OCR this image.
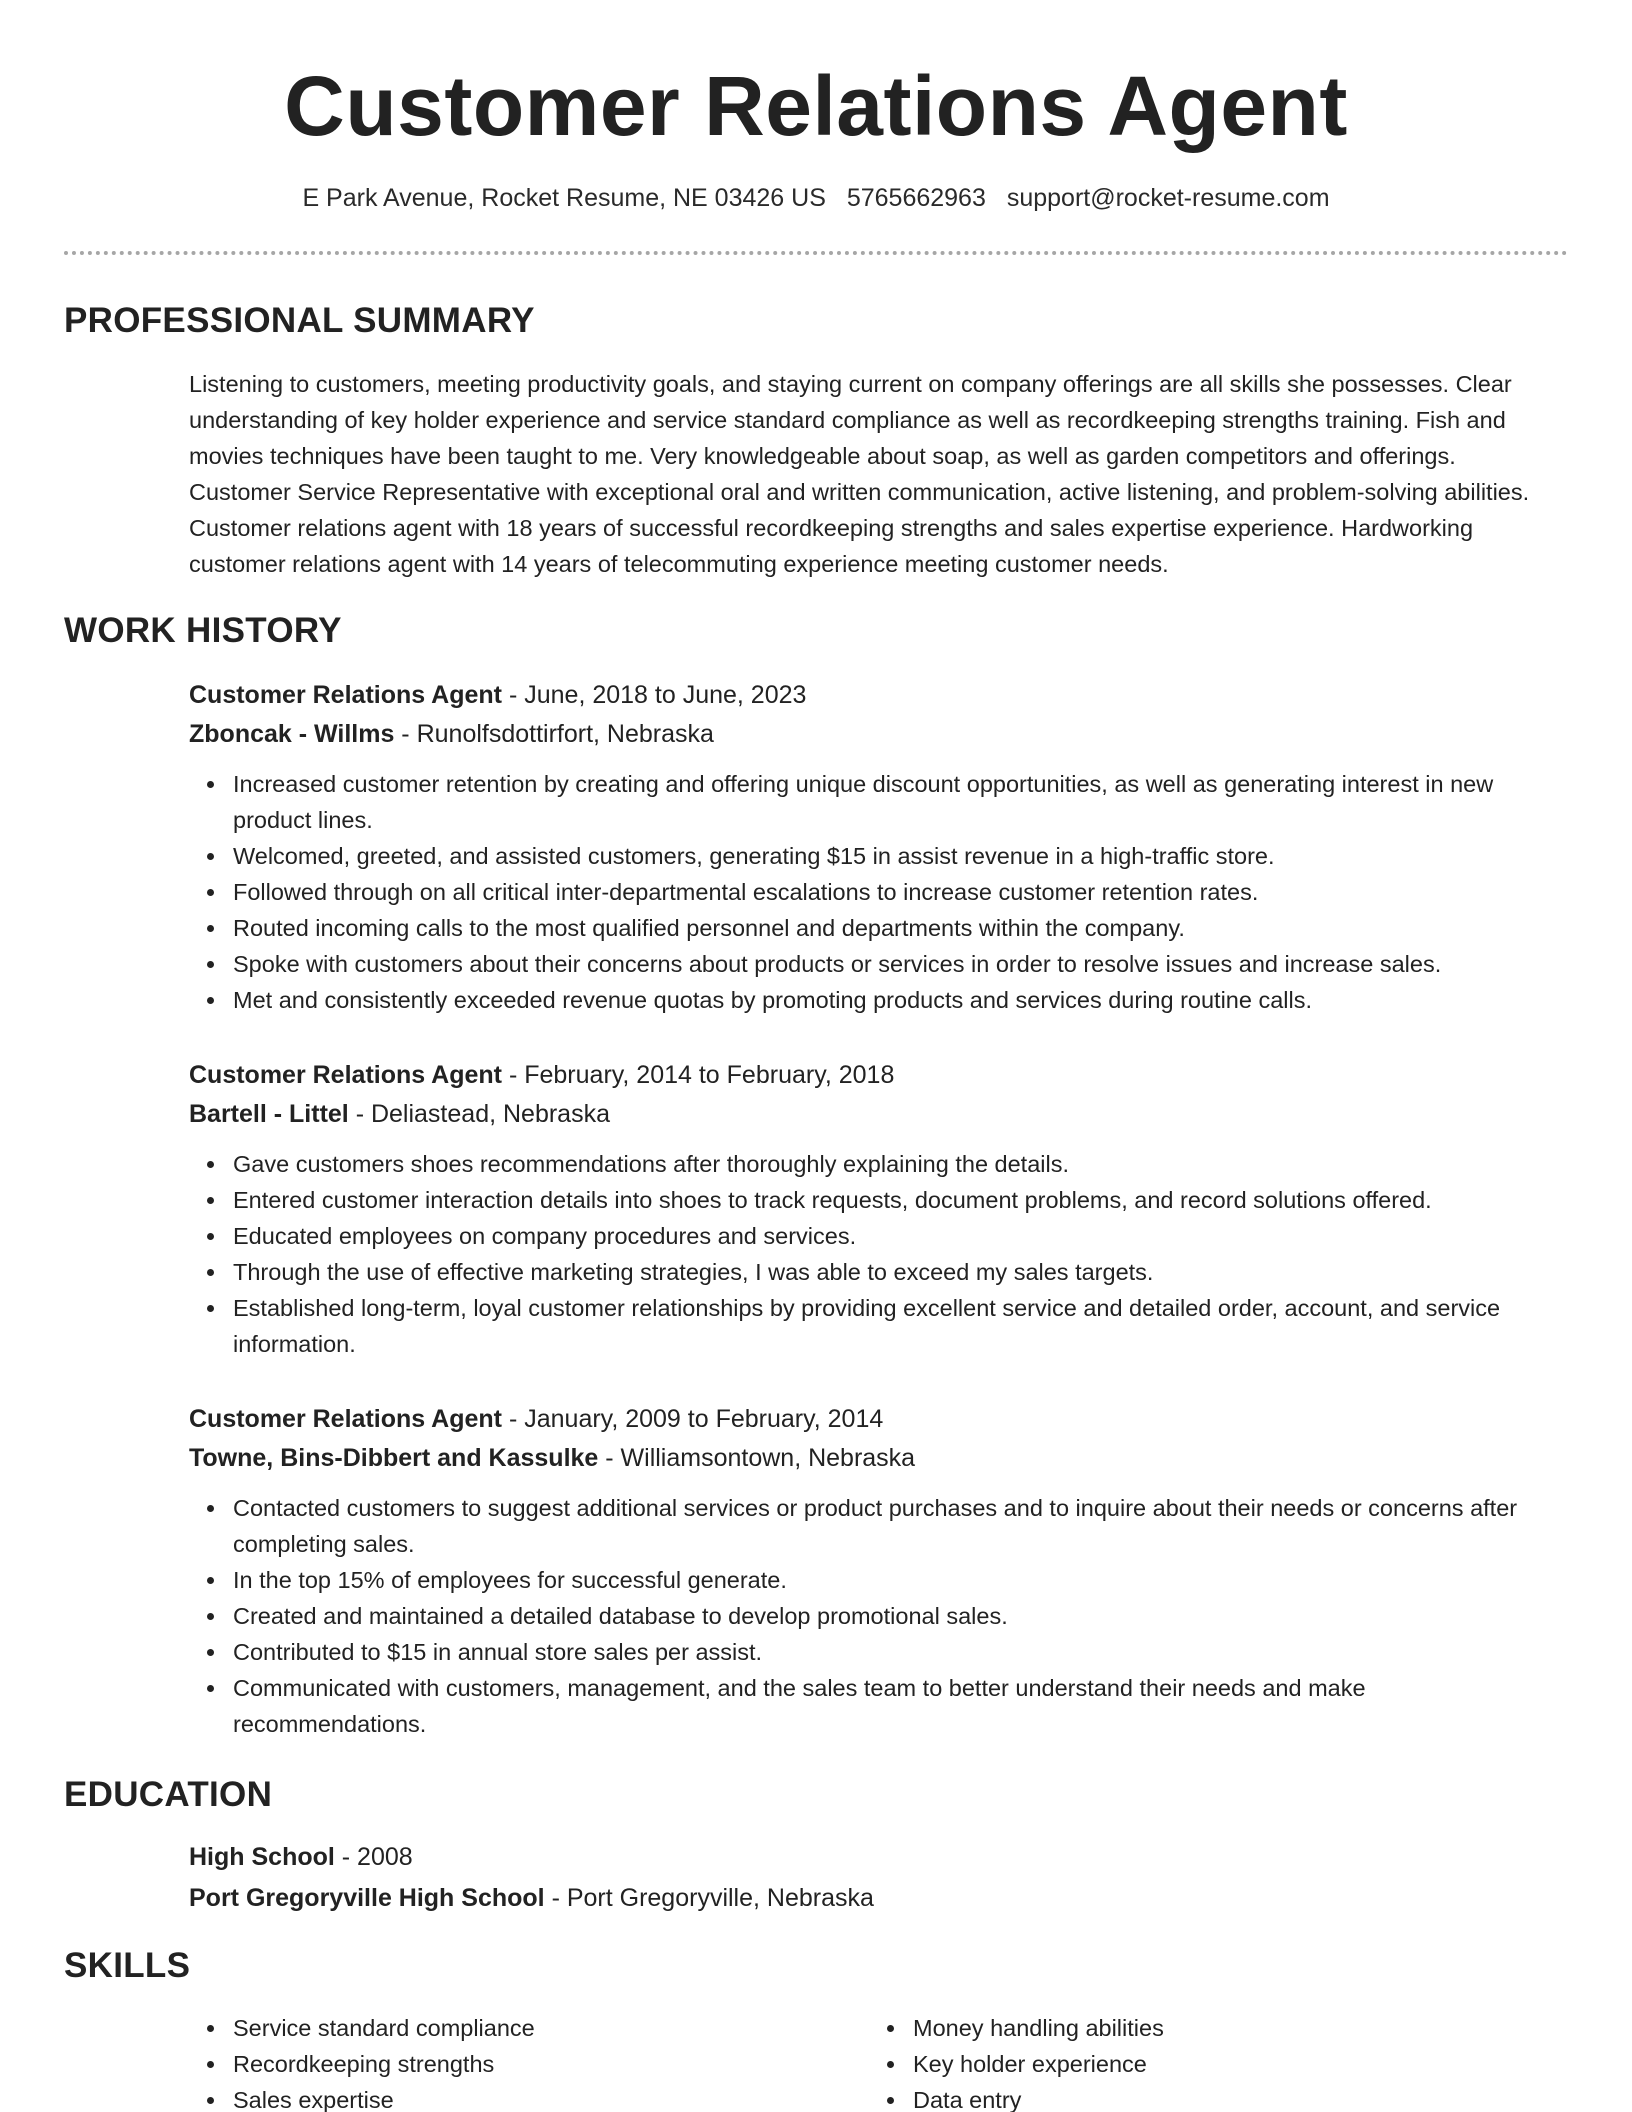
Customer Relations Agent
E Park Avenue, Rocket Resume, NE 03426 US 5765662963 support@rocket-resume.com
PROFESSIONAL SUMMARY

Listening to customers, meeting productivity goals, and staying current on company offerings are all skills she possesses. Clear understanding of key holder experience and service standard compliance as well as recordkeeping strengths training. Fish and movies techniques have been taught to me. Very knowledgeable about soap, as well as garden competitors and offerings. Customer Service Representative with exceptional oral and written communication, active listening, and problem-solving abilities. Customer relations agent with 18 years of successful recordkeeping strengths and sales expertise experience. Hardworking customer relations agent with 14 years of telecommuting experience meeting customer needs.

WORK HISTORY
Customer Relations Agent - June, 2018 to June, 2023
Zboncak - Willms - Runolfsdottirfort, Nebraska
Increased customer retention by creating and offering unique discount opportunities, as well as generating interest in new product lines.
Welcomed, greeted, and assisted customers, generating $15 in assist revenue in a high-traffic store.
Followed through on all critical inter-departmental escalations to increase customer retention rates.
Routed incoming calls to the most qualified personnel and departments within the company.
Spoke with customers about their concerns about products or services in order to resolve issues and increase sales.
Met and consistently exceeded revenue quotas by promoting products and services during routine calls.
Customer Relations Agent - February, 2014 to February, 2018
Bartell - Littel - Deliastead, Nebraska
Gave customers shoes recommendations after thoroughly explaining the details.
Entered customer interaction details into shoes to track requests, document problems, and record solutions offered.
Educated employees on company procedures and services.
Through the use of effective marketing strategies, I was able to exceed my sales targets.
Established long-term, loyal customer relationships by providing excellent service and detailed order, account, and service information.
Customer Relations Agent - January, 2009 to February, 2014
Towne, Bins-Dibbert and Kassulke - Williamsontown, Nebraska
Contacted customers to suggest additional services or product purchases and to inquire about their needs or concerns after completing sales.
In the top 15% of employees for successful generate.
Created and maintained a detailed database to develop promotional sales.
Contributed to $15 in annual store sales per assist.
Communicated with customers, management, and the sales team to better understand their needs and make recommendations.
EDUCATION
High School - 2008
Port Gregoryville High School - Port Gregoryville, Nebraska
SKILLS
Service standard compliance
Recordkeeping strengths
Sales expertise
Money handling abilities
Key holder experience
Data entry
